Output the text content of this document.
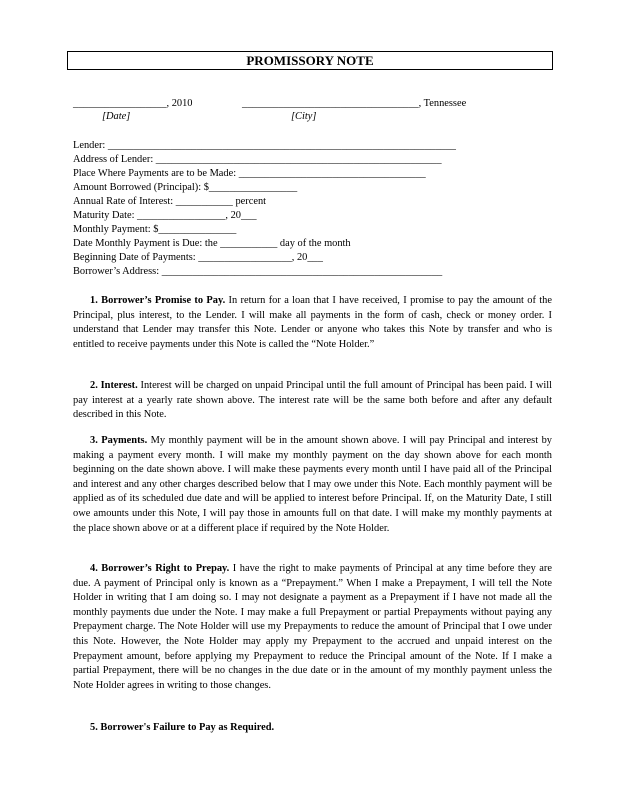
PROMISSORY NOTE
__________________, 2010	__________________________________, Tennessee
[Date]	[City]
Lender: ___________________________________________________________________
Address of Lender: _______________________________________________________
Place Where Payments are to be Made: ____________________________________
Amount Borrowed (Principal): $_________________
Annual Rate of Interest: ___________ percent
Maturity Date: _________________, 20___
Monthly Payment: $_______________
Date Monthly Payment is Due: the ___________ day of the month
Beginning Date of Payments: __________________, 20___
Borrower’s Address: ______________________________________________________

1. Borrower’s Promise to Pay. In return for a loan that I have received, I promise to pay the amount of the Principal, plus interest, to the Lender. I will make all payments in the form of cash, check or money order. I understand that Lender may transfer this Note. Lender or anyone who takes this Note by transfer and who is entitled to receive payments under this Note is called the “Note Holder.”

2. Interest. Interest will be charged on unpaid Principal until the full amount of Principal has been paid. I will pay interest at a yearly rate shown above. The interest rate will be the same both before and after any default described in this Note.

3. Payments. My monthly payment will be in the amount shown above. I will pay Principal and interest by making a payment every month. I will make my monthly payment on the day shown above for each month beginning on the date shown above. I will make these payments every month until I have paid all of the Principal and interest and any other charges described below that I may owe under this Note. Each monthly payment will be applied as of its scheduled due date and will be applied to interest before Principal. If, on the Maturity Date, I still owe amounts under this Note, I will pay those in amounts full on that date. I will make my monthly payments at the place shown above or at a different place if required by the Note Holder.

4. Borrower’s Right to Prepay. I have the right to make payments of Principal at any time before they are due. A payment of Principal only is known as a “Prepayment.” When I make a Prepayment, I will tell the Note Holder in writing that I am doing so. I may not designate a payment as a Prepayment if I have not made all the monthly payments due under the Note. I may make a full Prepayment or partial Prepayments without paying any Prepayment charge. The Note Holder will use my Prepayments to reduce the amount of Principal that I owe under this Note. However, the Note Holder may apply my Prepayment to the accrued and unpaid interest on the Prepayment amount, before applying my Prepayment to reduce the Principal amount of the Note. If I make a partial Prepayment, there will be no changes in the due date or in the amount of my monthly payment unless the Note Holder agrees in writing to those changes.

5. Borrower's Failure to Pay as Required.
